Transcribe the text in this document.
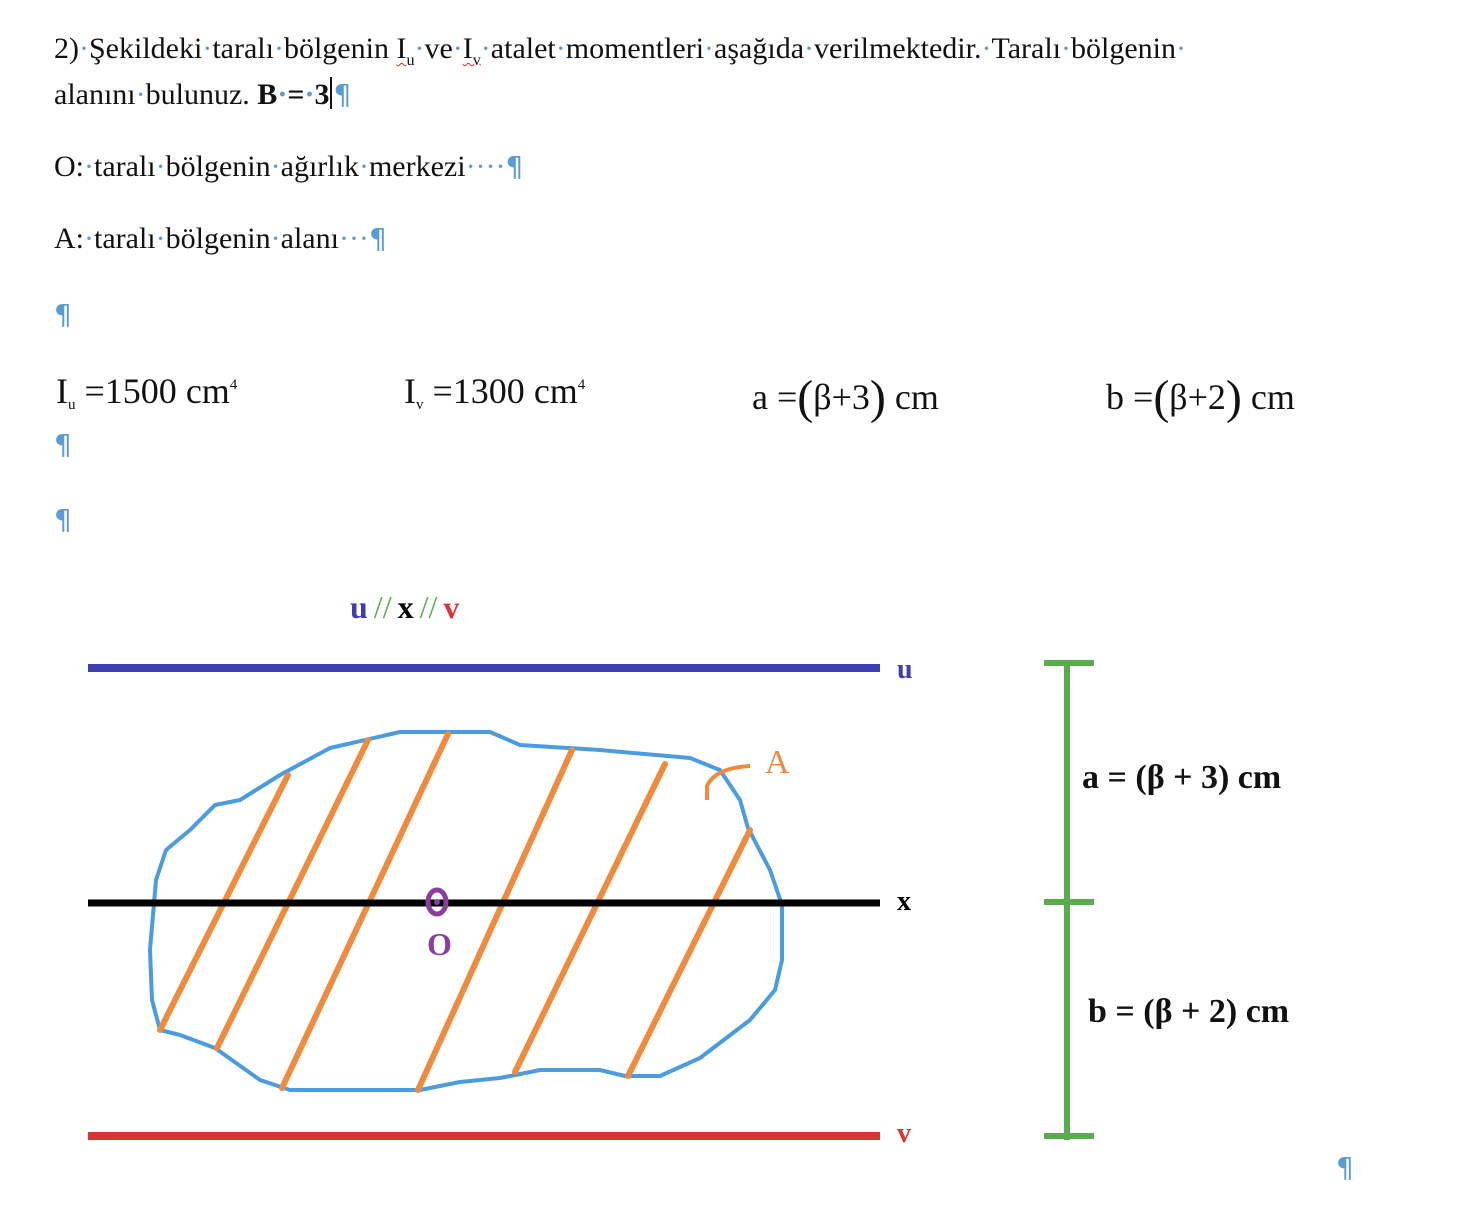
2)·Şekildeki·taralı·bölgenin $I_u\cdot ve\cdot I_v\cdot atalet\cdot momentleri\cdot aşağıda\cdot verilmektedir.\cdot Taralı\cdot bölgenin\cdot$
alanını·bulunuz. B·=·3 ¶
O:·taralı·bölgenin·ağırlık·merkezi····¶
A:·taralı·bölgenin·alanı···¶
¶
$I_u =1500$ $cm^4$	$I_v =1300$ $cm^4$	a =(β+3) cm	b =(β+2) cm
¶
¶
u // x // v
u
x
O
A
v
a = (β + 3) cm
b = (β + 2) cm
¶
